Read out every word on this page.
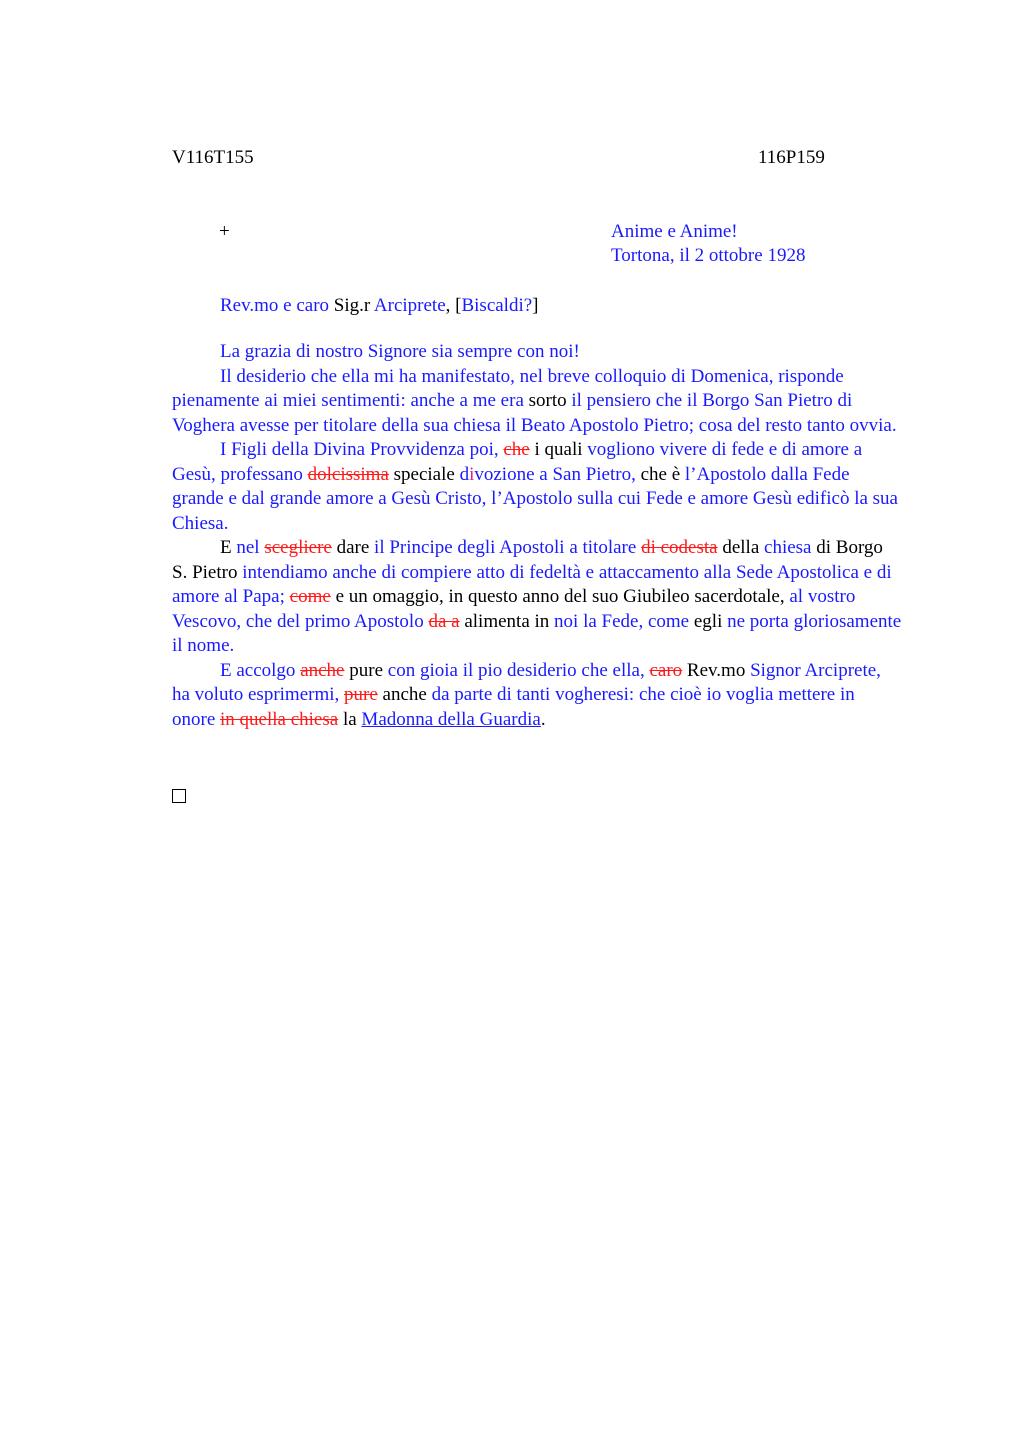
V116T155	116P159
+	Anime e Anime!
Tortona, il 2 ottobre 1928
Rev.mo e caro Sig.r Arciprete, [Biscaldi?]

La grazia di nostro Signore sia sempre con noi!

Il desiderio che ella mi ha manifestato, nel breve colloquio di Domenica, risponde pienamente ai miei sentimenti: anche a me era sorto il pensiero che il Borgo San Pietro di Voghera avesse per titolare della sua chiesa il Beato Apostolo Pietro; cosa del resto tanto ovvia.

I Figli della Divina Provvidenza poi, che i quali vogliono vivere di fede e di amore a Gesù, professano dolcissima speciale divozione a San Pietro, che è l’Apostolo dalla Fede
grande e dal grande amore a Gesù Cristo, l’Apostolo sulla cui Fede e amore Gesù edificò la sua Chiesa.

E nel scegliere dare il Principe degli Apostoli a titolare di codesta della chiesa di Borgo S. Pietro intendiamo anche di compiere atto di fedeltà e attaccamento alla Sede Apostolica e di amore al Papa; come e un omaggio, in questo anno del suo Giubileo sacerdotale, al vostro Vescovo, che del primo Apostolo da a alimenta in noi la Fede, come egli ne porta gloriosamente il nome.

E accolgo anche pure con gioia il pio desiderio che ella, caro Rev.mo Signor Arciprete, ha voluto esprimermi, pure anche da parte di tanti vogheresi: che cioè io voglia mettere in onore in quella chiesa la Madonna della Guardia.
